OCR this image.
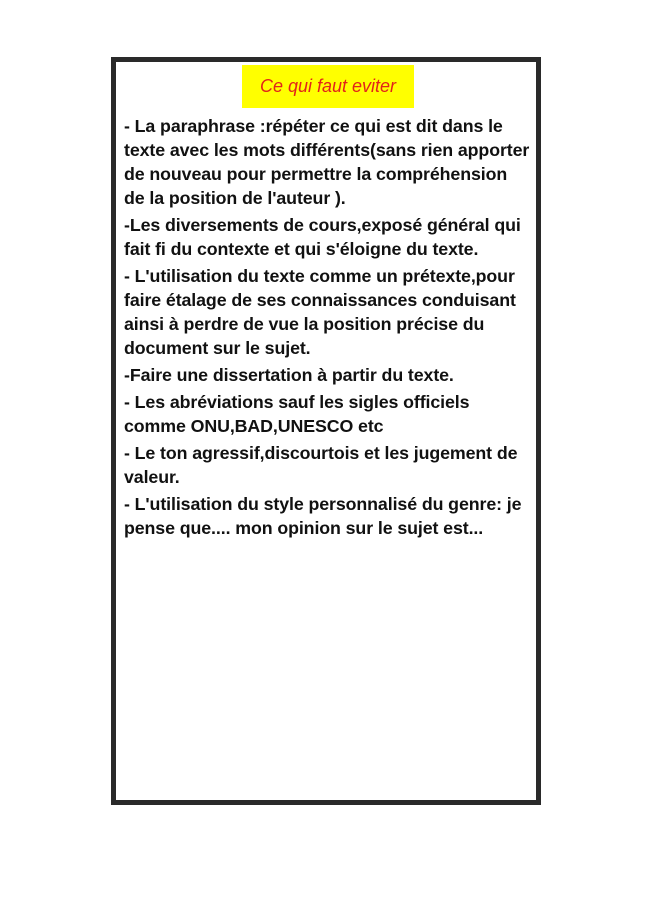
Ce qui faut eviter

- La paraphrase :répéter ce qui est dit dans le texte avec les mots différents(sans rien apporter de nouveau pour permettre la compréhension de la position de l'auteur ).

-Les diversements de cours,exposé général qui fait fi du contexte et qui s'éloigne du texte.

- L'utilisation du texte comme un prétexte,pour faire étalage de ses connaissances conduisant ainsi à perdre de vue la position précise du document sur le sujet.

-Faire une dissertation à partir du texte.

- Les abréviations sauf les sigles officiels comme ONU,BAD,UNESCO etc

- Le ton agressif,discourtois et les jugement de valeur.

- L'utilisation du style personnalisé du genre: je pense que.... mon opinion sur le sujet est...
